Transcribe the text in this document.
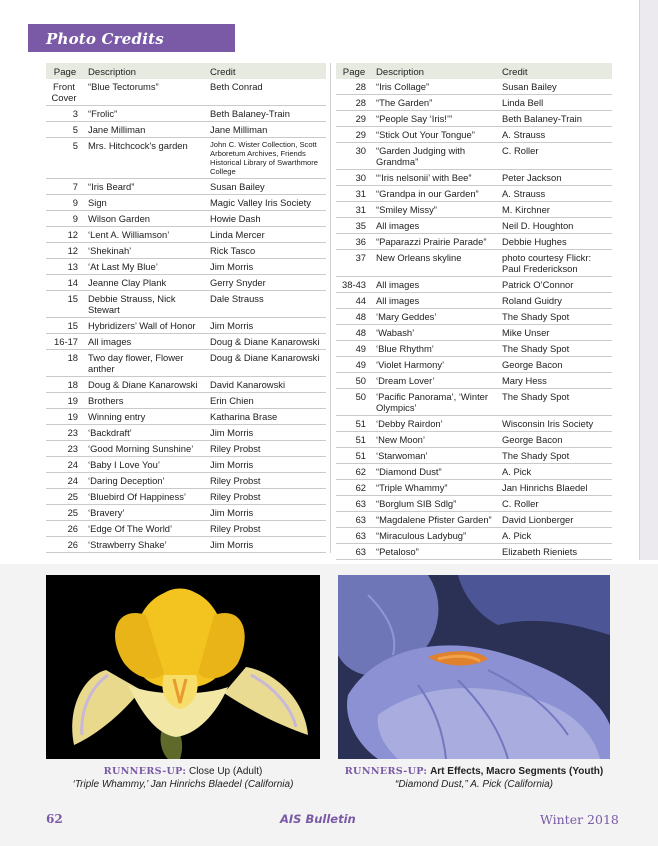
Photo Credits
Page	Description	Credit
Front Cover	“Blue Tectorums”	Beth Conrad
3	“Frolic”	Beth Balaney-Train
5	Jane Milliman	Jane Milliman
5	Mrs. Hitchcock's garden	John C. Wister Collection, Scott Arboretum Archives, Friends Historical Library of Swarthmore College
7	“Iris Beard”	Susan Bailey
9	Sign	Magic Valley Iris Society
9	Wilson Garden	Howie Dash
12	‘Lent A. Williamson’	Linda Mercer
12	‘Shekinah’	Rick Tasco
13	‘At Last My Blue’	Jim Morris
14	Jeanne Clay Plank	Gerry Snyder
15	Debbie Strauss, Nick Stewart	Dale Strauss
15	Hybridizers’ Wall of Honor	Jim Morris
16-17	All images	Doug & Diane Kanarowski
18	Two day flower, Flower anther	Doug & Diane Kanarowski
18	Doug & Diane Kanarowski	David Kanarowski
19	Brothers	Erin Chien
19	Winning entry	Katharina Brase
23	‘Backdraft’	Jim Morris
23	‘Good Morning Sunshine’	Riley Probst
24	‘Baby I Love You’	Jim Morris
24	‘Daring Deception’	Riley Probst
25	‘Bluebird Of Happiness’	Riley Probst
25	‘Bravery’	Jim Morris
26	‘Edge Of The World’	Riley Probst
26	‘Strawberry Shake’	Jim Morris
Page	Description	Credit
28	“Iris Collage”	Susan Bailey
28	“The Garden”	Linda Bell
29	“People Say ‘Iris!’”	Beth Balaney-Train
29	“Stick Out Your Tongue”	A. Strauss
30	“Garden Judging with Grandma”	C. Roller
30	“‘Iris nelsonii’ with Bee”	Peter Jackson
31	“Grandpa in our Garden”	A. Strauss
31	“Smiley Missy”	M. Kirchner
35	All images	Neil D. Houghton
36	“Paparazzi Prairie Parade”	Debbie Hughes
37	New Orleans skyline	photo courtesy Flickr: Paul Frederickson
38-43	All images	Patrick O’Connor
44	All images	Roland Guidry
48	‘Mary Geddes’	The Shady Spot
48	‘Wabash’	Mike Unser
49	‘Blue Rhythm’	The Shady Spot
49	‘Violet Harmony’	George Bacon
50	‘Dream Lover’	Mary Hess
50	‘Pacific Panorama’, ‘Winter Olympics’	The Shady Spot
51	‘Debby Rairdon’	Wisconsin Iris Society
51	‘New Moon’	George Bacon
51	‘Starwoman’	The Shady Spot
62	“Diamond Dust”	A. Pick
62	“Triple Whammy”	Jan Hinrichs Blaedel
63	“Borglum SIB Sdlg”	C. Roller
63	“Magdalene Pfister Garden”	David Lionberger
63	“Miraculous Ladybug”	A. Pick
63	“Petaloso”	Elizabeth Rieniets

RUNNERS-UP: Close Up (Adult)
‘Triple Whammy,’ Jan Hinrichs Blaedel (California)
RUNNERS-UP: Art Effects, Macro Segments (Youth) “Diamond Dust,” A. Pick (California)
62	AIS Bulletin	Winter 2018
